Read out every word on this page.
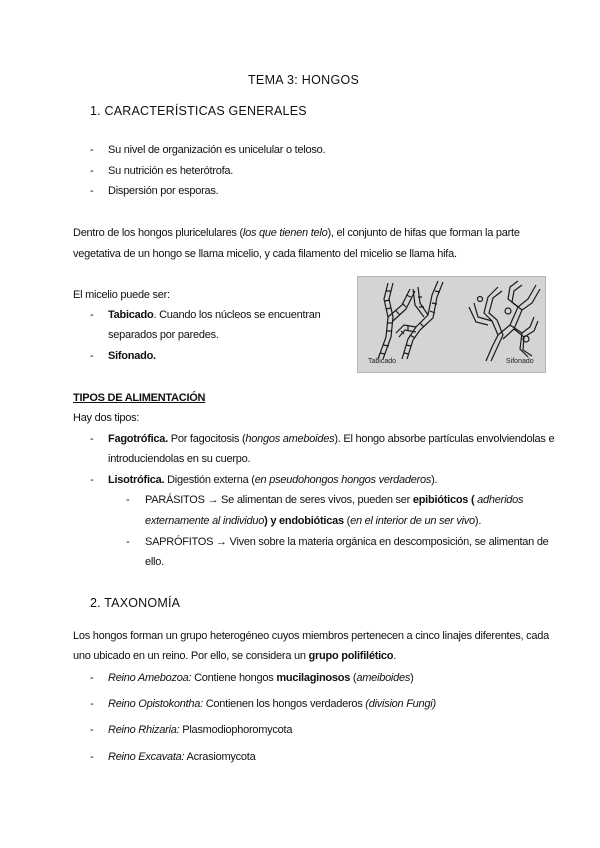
TEMA 3: HONGOS
1. CARACTERÍSTICAS GENERALES
- Su nivel de organización es unicelular o teloso.
- Su nutrición es heterótrofa.
- Dispersión por esporas.
Dentro de los hongos pluricelulares (los que tienen telo), el conjunto de hifas que forman la parte
vegetativa de un hongo se llama micelio, y cada filamento del micelio se llama hifa.
El micelio puede ser:
- Tabicado. Cuando los núcleos se encuentran
separados por paredes.
- Sifonado.	Tabicado	Sifonado
TIPOS DE ALIMENTACIÓN
Hay dos tipos:
- Fagotrófica. Por fagocitosis (hongos ameboides). El hongo absorbe partículas envolviendolas e
introduciendolas en su cuerpo.
- Lisotrófica. Digestión externa (en pseudohongos hongos verdaderos).
- PARÁSITOS → Se alimentan de seres vivos, pueden ser epibióticos ( adheridos
externamente al individuo) y endobióticas (en el interior de un ser vivo).
- SAPRÓFITOS → Viven sobre la materia orgánica en descomposición, se alimentan de
ello.
2. TAXONOMÍA
Los hongos forman un grupo heterogéneo cuyos miembros pertenecen a cinco linajes diferentes, cada
uno ubicado en un reino. Por ello, se considera un grupo polifilético.
- Reino Amebozoa: Contiene hongos mucilaginosos (ameiboides)
- Reino Opistokontha: Contienen los hongos verdaderos (division Fungi)
- Reino Rhizaria: Plasmodiophoromycota
- Reino Excavata: Acrasiomycota
